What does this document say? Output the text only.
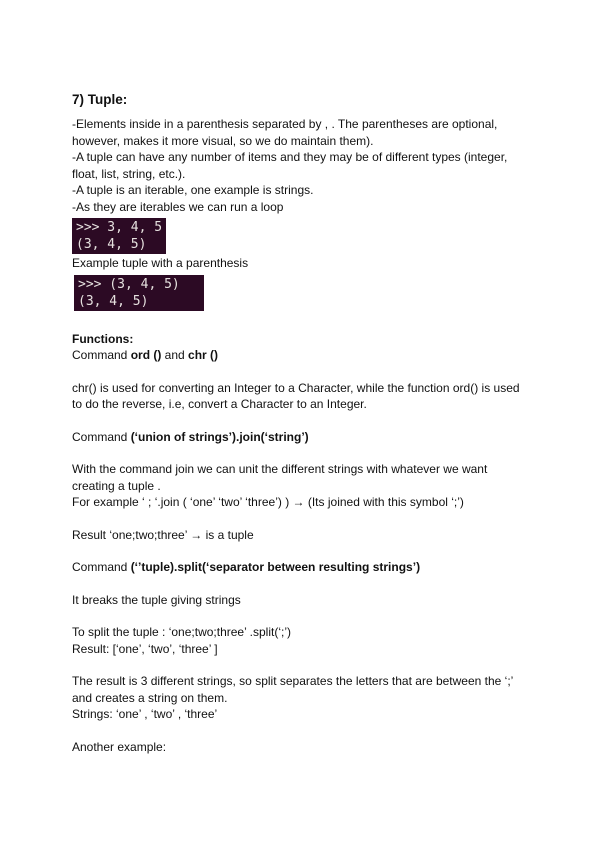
7) Tuple:

-Elements inside in a parenthesis separated by , . The parentheses are optional,

however, makes it more visual, so we do maintain them).

-A tuple can have any number of items and they may be of different types (integer,

float, list, string, etc.).

-A tuple is an iterable, one example is strings.

-As they are iterables we can run a loop

>>> 3, 4, 5
(3, 4, 5)

Example tuple with a parenthesis

>>> (3, 4, 5)
(3, 4, 5)

Functions:

Command ord () and chr ()

chr() is used for converting an Integer to a Character, while the function ord() is used

to do the reverse, i.e, convert a Character to an Integer.

Command (‘union of strings’).join(‘string’)

With the command join we can unit the different strings with whatever we want

creating a tuple .

For example ‘ ; ‘.join ( ‘one’ ‘two’ ‘three’) ) → (Its joined with this symbol ‘;’)

Result ‘one;two;three’ → is a tuple

Command (‘’tuple).split(‘separator between resulting strings’)

It breaks the tuple giving strings

To split the tuple : ‘one;two;three’ .split(‘;’)

Result: [‘one’, ‘two’, ‘three’ ]

The result is 3 different strings, so split separates the letters that are between the ‘;’

and creates a string on them.

Strings: ‘one’ , ‘two’ , ‘three’

Another example:
